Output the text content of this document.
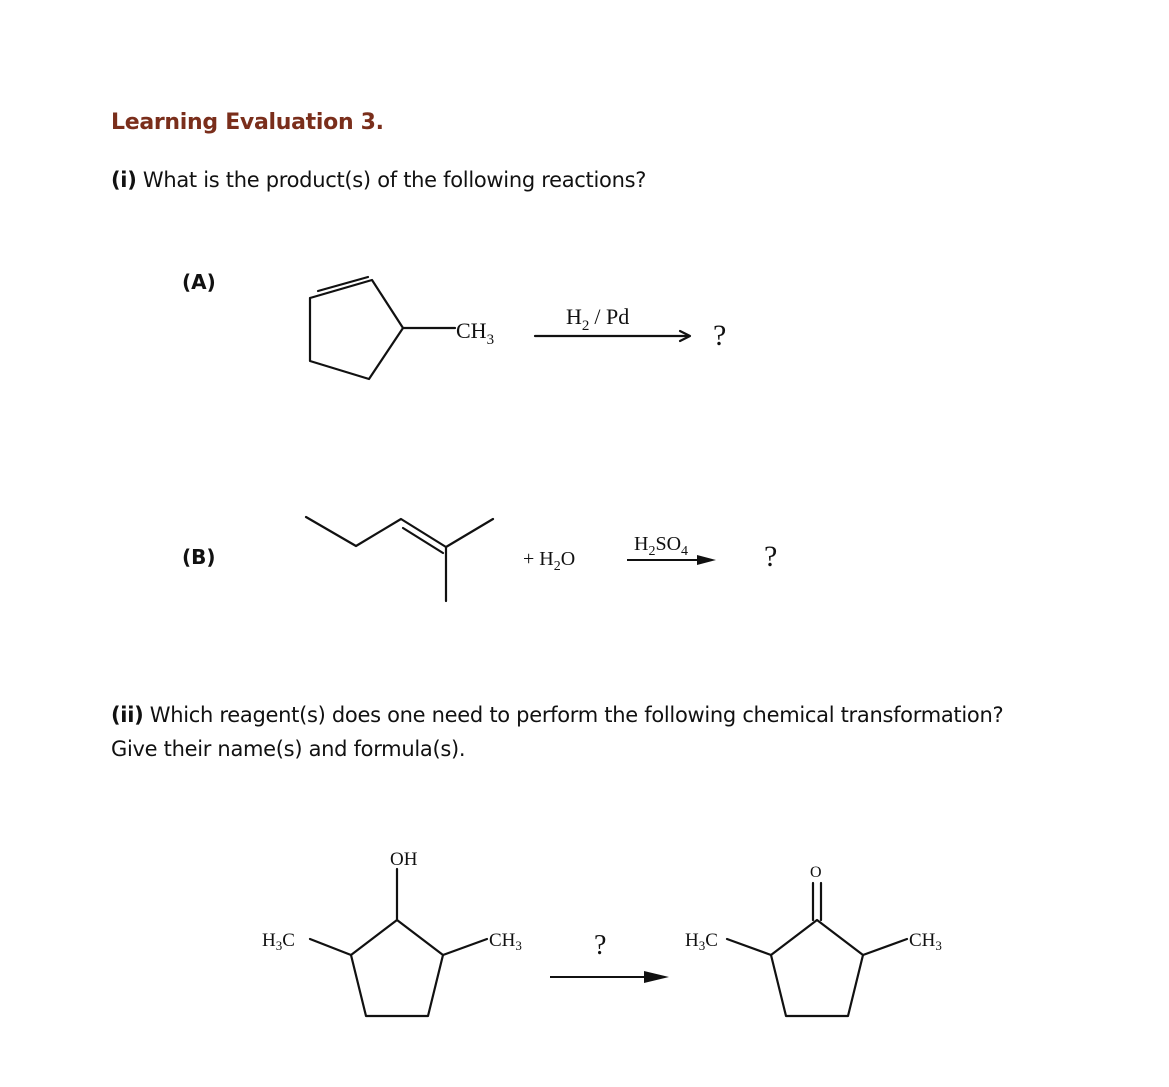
Learning Evaluation 3.
(i) What is the product(s) of the following reactions?
(A)
(B)
(ii) Which reagent(s) does one need to perform the following chemical transformation?
Give their name(s) and formula(s).
$CH_3$
$H_2$ / Pd
?
+ $H_2O$
$H_2SO_4$	?
OH
$H_3C$	$CH_3$	?
O
$H_3C$	$CH_3$
